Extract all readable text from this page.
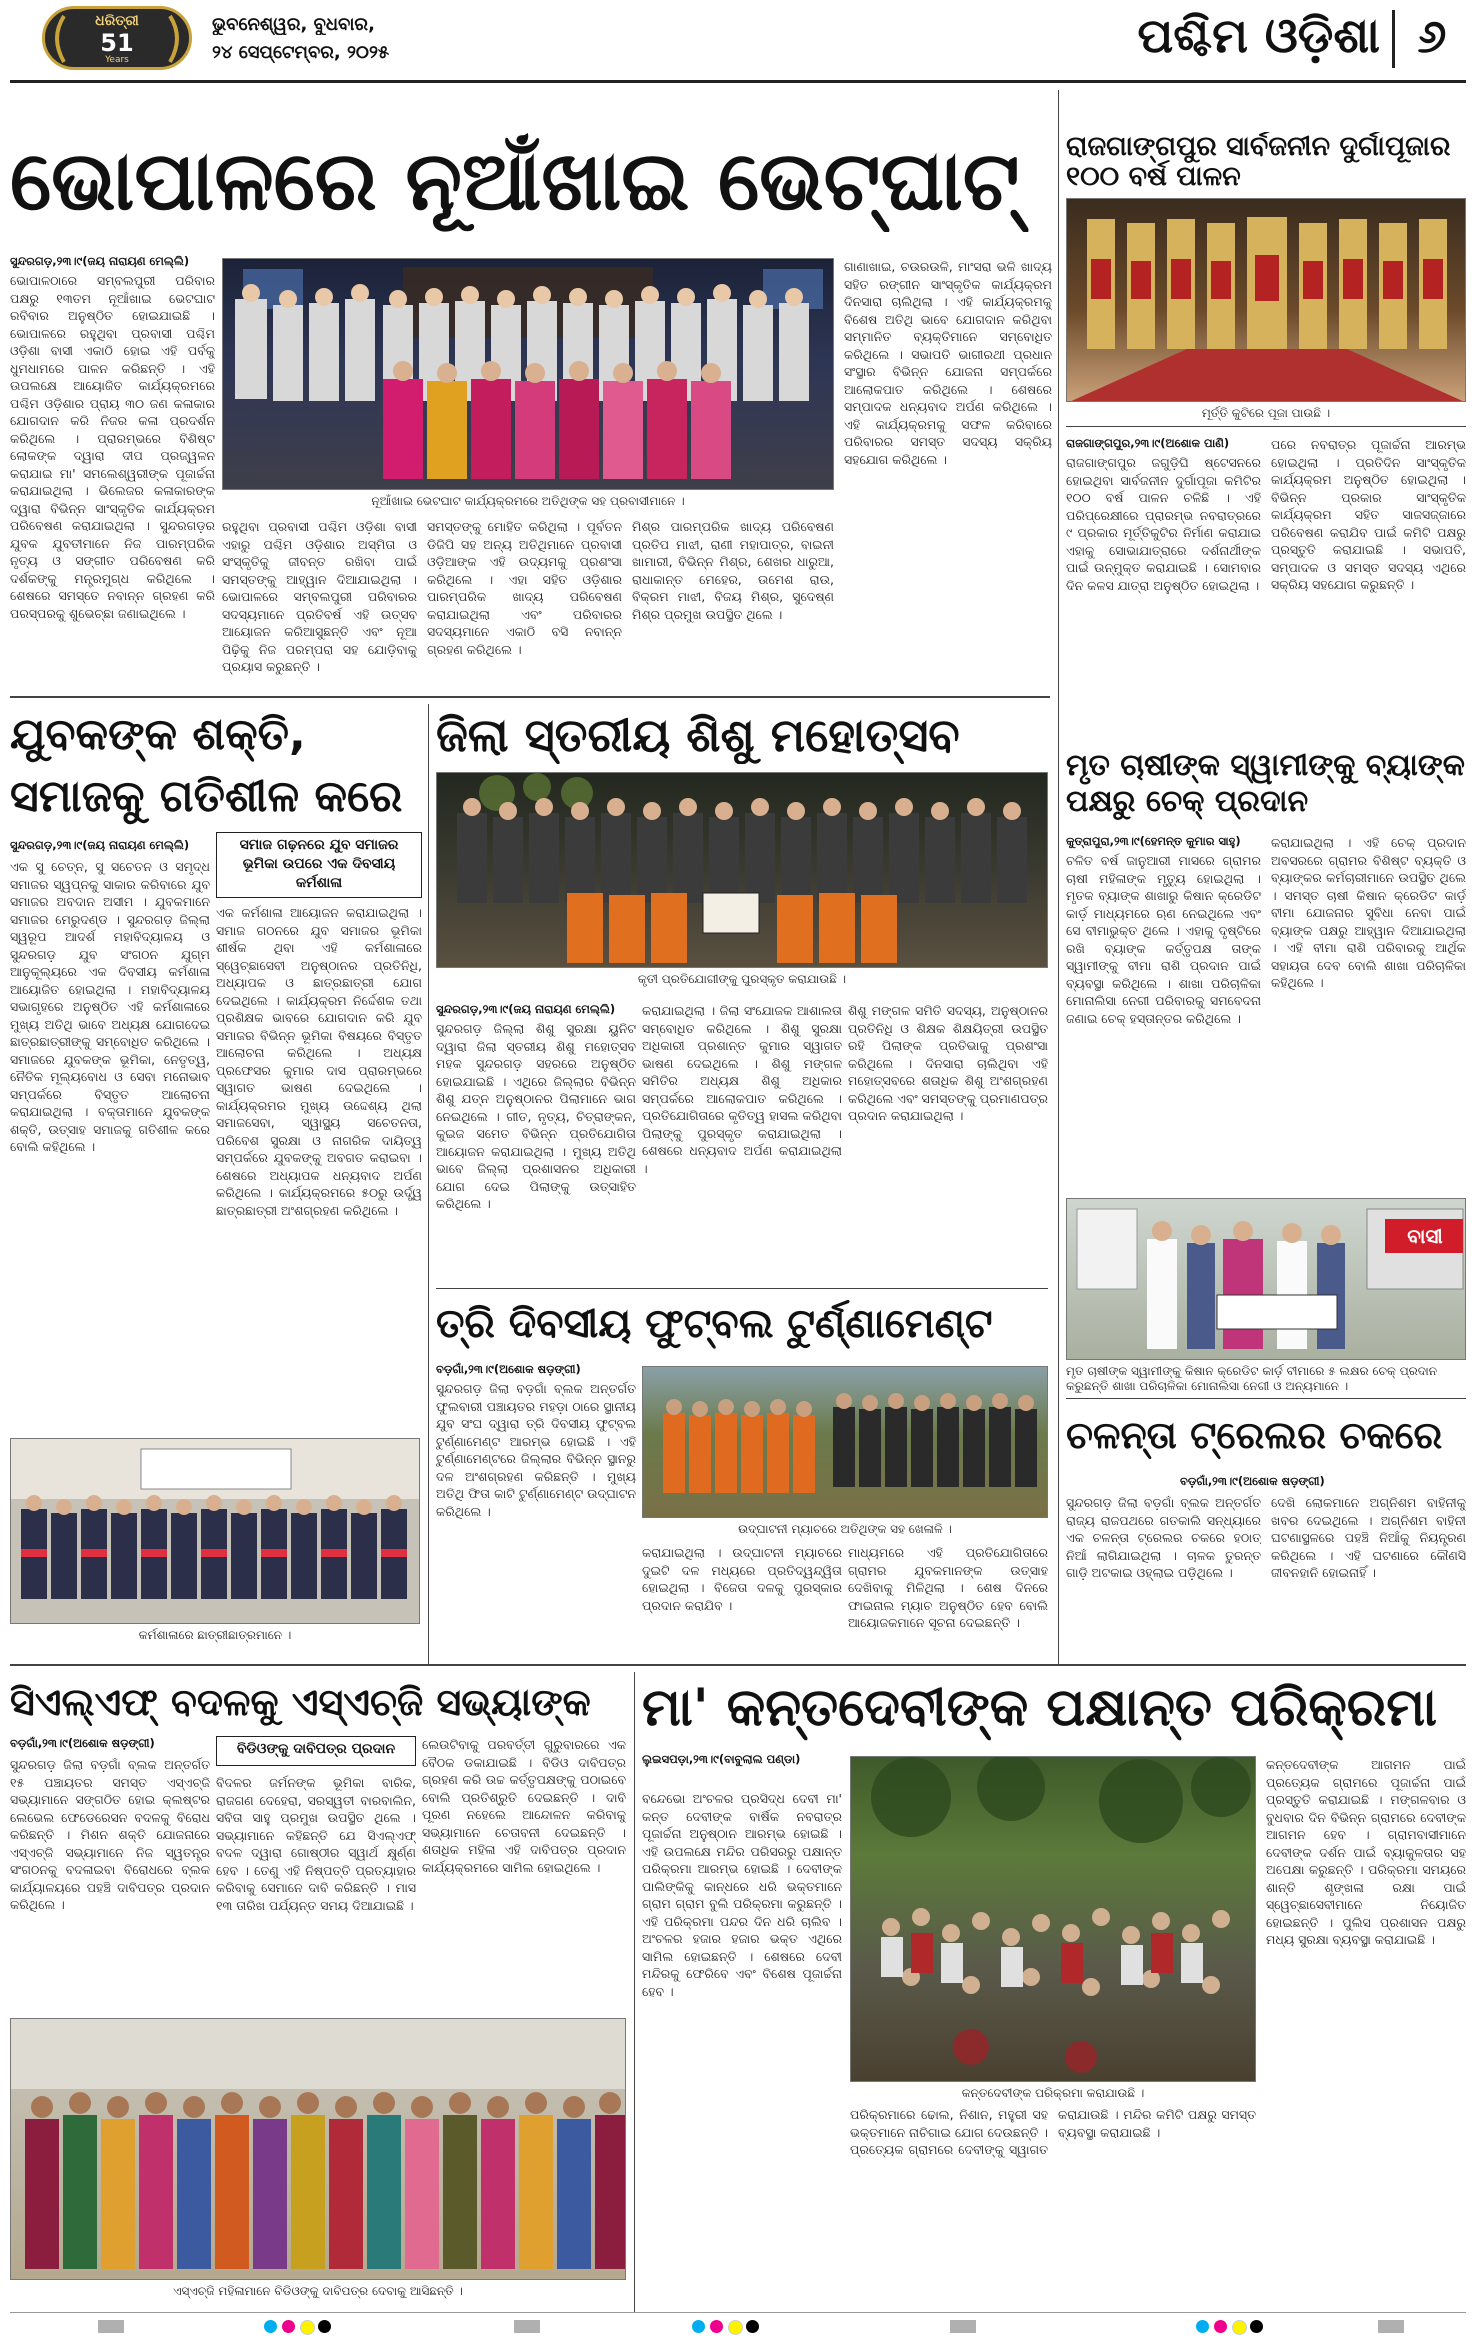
ଧରିତ୍ରୀ
51
Years
ଭୁବନେଶ୍ୱର, ବୁଧବାର,
୨୪ ସେପ୍ଟେମ୍ବର, ୨୦୨୫	ପଶ୍ଚିମ ଓଡ଼ିଶା ୬
ଭୋପାଳରେ ନୂଆଁଖାଇ ଭେଟ୍‌ଘାଟ୍
ସୁନ୍ଦରଗଡ଼,୨୩।୯(ଜୟ ନାରାୟଣ ମେଲ୍ଲି)
ଭୋପାଳଠାରେ ସମ୍ବଲପୁରୀ ପରିବାର ପକ୍ଷରୁ ୧୩ତମ ନୂଆଁଖାଇ ଭେଟଘାଟ ରବିବାର ଅନୁଷ୍ଠିତ ହୋଇଯାଇଛି । ଭୋପାଳରେ ରହୁଥିବା ପ୍ରବାସୀ ପଶ୍ଚିମ ଓଡ଼ିଶା ବାସୀ ଏକାଠି ହୋଇ ଏହି ପର୍ବକୁ ଧୁମଧାମରେ ପାଳନ କରିଛନ୍ତି । ଏହି ଉପଲକ୍ଷେ ଆୟୋଜିତ କାର୍ଯ୍ୟକ୍ରମରେ ପଶ୍ଚିମ ଓଡ଼ିଶାର ପ୍ରାୟ ୩୦ ଜଣ କଳାକାର ଯୋଗଦାନ କରି ନିଜର କଳା ପ୍ରଦର୍ଶନ କରିଥିଲେ । ପ୍ରାରମ୍ଭରେ ବିଶିଷ୍ଟ ଲୋକଙ୍କ ଦ୍ୱାରା ଦୀପ ପ୍ରଜ୍ୱଳନ କରାଯାଇ ମା' ସମଲେଶ୍ୱରୀଙ୍କ ପୂଜାର୍ଚ୍ଚନା କରାଯାଇଥିଲା । ଭିଲେଜର କଳାକାରଙ୍କ ଦ୍ୱାରା ବିଭିନ୍ନ ସାଂସ୍କୃତିକ କାର୍ଯ୍ୟକ୍ରମ ପରିବେଷଣ କରାଯାଇଥିଲା । ସୁନ୍ଦରଗଡ଼ର ଯୁବକ ଯୁବତୀମାନେ ନିଜ ପାରମ୍ପରିକ ନୃତ୍ୟ ଓ ସଙ୍ଗୀତ ପରିବେଷଣ କରି ଦର୍ଶକଙ୍କୁ ମନ୍ତ୍ରମୁଗ୍ଧ କରିଥିଲେ । ଶେଷରେ ସମସ୍ତେ ନବାନ୍ନ ଗ୍ରହଣ କରି ପରସ୍ପରକୁ ଶୁଭେଚ୍ଛା ଜଣାଇଥିଲେ ।
ନୂଆଁଖାଇ ଭେଟଘାଟ କାର୍ଯ୍ୟକ୍ରମରେ ଅତିଥିଙ୍କ ସହ ପ୍ରବାସୀମାନେ ।
ରହୁଥିବା ପ୍ରବାସୀ ପଶ୍ଚିମ ଓଡ଼ିଶା ବାସୀ ଏହାରୁ ପଶ୍ଚିମ ଓଡ଼ିଶାର ଅସ୍ମିତା ଓ ସଂସ୍କୃତିକୁ ଜୀବନ୍ତ ରଖିବା ପାଇଁ ସମସ୍ତଙ୍କୁ ଆହ୍ୱାନ ଦିଆଯାଇଥିଲା । ଭୋପାଳରେ ସମ୍ବଲପୁରୀ ପରିବାରର ସଦସ୍ୟମାନେ ପ୍ରତିବର୍ଷ ଏହି ଉତ୍ସବ ଆୟୋଜନ କରିଆସୁଛନ୍ତି ଏବଂ ନୂଆ ପିଢ଼ିକୁ ନିଜ ପରମ୍ପରା ସହ ଯୋଡ଼ିବାକୁ ପ୍ରୟାସ କରୁଛନ୍ତି ।
ସମସ୍ତଙ୍କୁ ମୋହିତ କରିଥିଲା । ପୂର୍ବତନ ଡିଜିପି ସହ ଅନ୍ୟ ଅତିଥିମାନେ ପ୍ରବାସୀ ଓଡ଼ିଆଙ୍କ ଏହି ଉଦ୍ୟମକୁ ପ୍ରଶଂସା କରିଥିଲେ । ଏହା ସହିତ ଓଡ଼ିଶାର ପାରମ୍ପରିକ ଖାଦ୍ୟ ପରିବେଷଣ କରାଯାଇଥିଲା ଏବଂ ପରିବାରର ସଦସ୍ୟମାନେ ଏକାଠି ବସି ନବାନ୍ନ ଗ୍ରହଣ କରିଥିଲେ ।
ମିଶ୍ର ପାରମ୍ପରିକ ଖାଦ୍ୟ ପରିବେଷଣ ପ୍ରତିପ ମାଝୀ, ରାଣୀ ମହାପାତ୍ର, ବାଇନୀ ଖାମାରୀ, ବିଭିନ୍ନ ମିଶ୍ର, ଶେଖର ଧାରୁଆ, ରାଧାକାନ୍ତ ମେହେର, ଉମେଶ ରାଉ, ବିକ୍ରମ ମାଝୀ, ବିଜୟ ମିଶ୍ର, ସୁଦେଷ୍ଣ ମିଶ୍ର ପ୍ରମୁଖ ଉପସ୍ଥିତ ଥିଲେ ।
ଗାଣାଖାଇ, ଚଉରଉଳି, ମାଂସରା ଭଳି ଖାଦ୍ୟ ସହିତ ରଙ୍ଗୀନ ସାଂସ୍କୃତିକ କାର୍ଯ୍ୟକ୍ରମ ଦିନସାରା ଚାଲିଥିଲା । ଏହି କାର୍ଯ୍ୟକ୍ରମକୁ ବିଶେଷ ଅତିଥି ଭାବେ ଯୋଗଦାନ କରିଥିବା ସମ୍ମାନିତ ବ୍ୟକ୍ତିମାନେ ସମ୍ବୋଧିତ କରିଥିଲେ । ସଭାପତି ଭାଗୀରଥୀ ପ୍ରଧାନ ସଂସ୍ଥାର ବିଭିନ୍ନ ଯୋଜନା ସମ୍ପର୍କରେ ଆଲୋକପାତ କରିଥିଲେ । ଶେଷରେ ସମ୍ପାଦକ ଧନ୍ୟବାଦ ଅର୍ପଣ କରିଥିଲେ । ଏହି କାର୍ଯ୍ୟକ୍ରମକୁ ସଫଳ କରିବାରେ ପରିବାରର ସମସ୍ତ ସଦସ୍ୟ ସକ୍ରିୟ ସହଯୋଗ କରିଥିଲେ ।
ରାଜଗାଙ୍ଗପୁର ସାର୍ବଜନୀନ ଦୁର୍ଗାପୂଜାର ୧୦୦ ବର୍ଷ ପାଳନ
ମୂର୍ତ୍ତି କୁଟିରେ ପୂଜା ପାଉଛି ।
ରାଜଗାଙ୍ଗପୁର,୨୩।୯(ଅଶୋକ ପାଣି)
ରାଜଗାଙ୍ଗପୁର ଜଗୁଡ଼ିଘି ଷ୍ଟେସନରେ ହୋଇଥିବା ସାର୍ବଜନୀନ ଦୁର୍ଗାପୂଜା କମିଟିର ୧୦୦ ବର୍ଷ ପାଳନ ଚଳିଛି । ଏହି ପରିପ୍ରେକ୍ଷୀରେ ପ୍ରାରମ୍ଭ ନବରାତ୍ରରେ ୯ ପ୍ରକାର ମୂର୍ତ୍ତିକୁଟିର ନିର୍ମାଣ କରାଯାଇ ଏହାକୁ ସୋଭାଯାତ୍ରାରେ ଦର୍ଶନାର୍ଥୀଙ୍କ ପାଇଁ ଉନ୍ମୁକ୍ତ କରାଯାଇଛି । ସୋମବାର ଦିନ କଳସ ଯାତ୍ରା ଅନୁଷ୍ଠିତ ହୋଇଥିଲା ।
ପରେ ନବରାତ୍ର ପୂଜାର୍ଚ୍ଚନା ଆରମ୍ଭ ହୋଇଥିଲା । ପ୍ରତିଦିନ ସାଂସ୍କୃତିକ କାର୍ଯ୍ୟକ୍ରମ ଅନୁଷ୍ଠିତ ହୋଇଥିଲା । ବିଭିନ୍ନ ପ୍ରକାର ସାଂସ୍କୃତିକ କାର୍ଯ୍ୟକ୍ରମ ସହିତ ସାଜସଜ୍ଜାରେ ପରିବେଷଣ କରାଯିବ ପାଇଁ କମିଟି ପକ୍ଷରୁ ପ୍ରସ୍ତୁତି କରାଯାଇଛି । ସଭାପତି, ସମ୍ପାଦକ ଓ ସମସ୍ତ ସଦସ୍ୟ ଏଥିରେ ସକ୍ରିୟ ସହଯୋଗ କରୁଛନ୍ତି ।
ଯୁବକଙ୍କ ଶକ୍ତି,
ସମାଜକୁ ଗତିଶୀଳ କରେ
ସୁନ୍ଦରଗଡ଼,୨୩।୯(ଜୟ ନାରାୟଣ ମେଲ୍ଲି)	ସମାଜ ଗଢ଼ନରେ ଯୁବ ସମାଜର ଭୂମିକା ଉପରେ ଏକ ଦିବସୀୟ କର୍ମଶାଳା
ଏକ ସୁ ଚେତ୍ନ, ସୁ ସଚେତନ ଓ ସମୃଦ୍ଧ ସମାଜର ସ୍ୱପ୍ନକୁ ସାକାର କରିବାରେ ଯୁବ ସମାଜର ଅବଦାନ ଅସୀମ । ଯୁବକମାନେ ସମାଜର ମେରୁଦଣ୍ଡ । ସୁନ୍ଦରଗଡ଼ ଜିଲ୍ଲା ସ୍ୱରୂପ ଆଦର୍ଶ ମହାବିଦ୍ୟାଳୟ ଓ ସୁନ୍ଦରଗଡ଼ ଯୁବ ସଂଗଠନ ଯୁଗ୍ମ ଆନୁକୂଲ୍ୟରେ ଏକ ଦିବସୀୟ କର୍ମଶାଳା ଆୟୋଜିତ ହୋଇଥିଲା । ମହାବିଦ୍ୟାଳୟ ସଭାଗୃହରେ ଅନୁଷ୍ଠିତ ଏହି କର୍ମଶାଳାରେ ମୁଖ୍ୟ ଅତିଥି ଭାବେ ଅଧ୍ୟକ୍ଷ ଯୋଗଦେଇ ଛାତ୍ରଛାତ୍ରୀଙ୍କୁ ସମ୍ବୋଧିତ କରିଥିଲେ । ସମାଜରେ ଯୁବକଙ୍କ ଭୂମିକା, ନେତୃତ୍ୱ, ନୈତିକ ମୂଲ୍ୟବୋଧ ଓ ସେବା ମନୋଭାବ ସମ୍ପର୍କରେ ବିସ୍ତୃତ ଆଲୋଚନା କରାଯାଇଥିଲା । ବକ୍ତାମାନେ ଯୁବକଙ୍କ ଶକ୍ତି, ଉତ୍ସାହ ସମାଜକୁ ଗତିଶୀଳ କରେ ବୋଲି କହିଥିଲେ ।
ଏକ କର୍ମଶାଳା ଆୟୋଜନ କରାଯାଇଥିଲା । ସମାଜ ଗଠନରେ ଯୁବ ସମାଜର ଭୂମିକା ଶୀର୍ଷକ ଥିବା ଏହି କର୍ମଶାଳାରେ ସ୍ୱେଚ୍ଛାସେବୀ ଅନୁଷ୍ଠାନର ପ୍ରତିନିଧି, ଅଧ୍ୟାପକ ଓ ଛାତ୍ରଛାତ୍ରୀ ଯୋଗ ଦେଇଥିଲେ । କାର୍ଯ୍ୟକ୍ରମ ନିର୍ଦ୍ଦେଶକ ତଥା ପ୍ରଶିକ୍ଷକ ଭାବରେ ଯୋଗଦାନ କରି ଯୁବ ସମାଜର ବିଭିନ୍ନ ଭୂମିକା ବିଷୟରେ ବିସ୍ତୃତ ଆଲୋଚନା କରିଥିଲେ । ଅଧ୍ୟକ୍ଷ ପ୍ରଫେସର କୁମାର ଦାସ ପ୍ରାରମ୍ଭରେ ସ୍ୱାଗତ ଭାଷଣ ଦେଇଥିଲେ । କାର୍ଯ୍ୟକ୍ରମର ମୁଖ୍ୟ ଉଦ୍ଦେଶ୍ୟ ଥିଲା ସମାଜସେବା, ସ୍ୱାସ୍ଥ୍ୟ ସଚେତନତା, ପରିବେଶ ସୁରକ୍ଷା ଓ ନାଗରିକ ଦାୟିତ୍ୱ ସମ୍ପର୍କରେ ଯୁବକଙ୍କୁ ଅବଗତ କରାଇବା । ଶେଷରେ ଅଧ୍ୟାପକ ଧନ୍ୟବାଦ ଅର୍ପଣ କରିଥିଲେ । କାର୍ଯ୍ୟକ୍ରମରେ ୫୦ରୁ ଉର୍ଦ୍ଧ୍ୱ ଛାତ୍ରଛାତ୍ରୀ ଅଂଶଗ୍ରହଣ କରିଥିଲେ ।
କର୍ମଶାଳାରେ ଛାତ୍ରୀଛାତ୍ରମାନେ ।
ଜିଲା ସ୍ତରୀୟ ଶିଶୁ ମହୋତ୍ସବ
କୃତୀ ପ୍ରତିଯୋଗୀଙ୍କୁ ପୁରସ୍କୃତ କରାଯାଉଛି ।
ସୁନ୍ଦରଗଡ଼,୨୩।୯(ଜୟ ନାରାୟଣ ମେଲ୍ଲି)
ସୁନ୍ଦରଗଡ଼ ଜିଲ୍ଲା ଶିଶୁ ସୁରକ୍ଷା ୟୁନିଟ ଦ୍ୱାରା ଜିଲା ସ୍ତରୀୟ ଶିଶୁ ମହୋତ୍ସବ ମହକ ସୁନ୍ଦରଗଡ଼ ସହରରେ ଅନୁଷ୍ଠିତ ହୋଇଯାଇଛି । ଏଥିରେ ଜିଲ୍ଲାର ବିଭିନ୍ନ ଶିଶୁ ଯତ୍ନ ଅନୁଷ୍ଠାନର ପିଲାମାନେ ଭାଗ ନେଇଥିଲେ । ଗୀତ, ନୃତ୍ୟ, ଚିତ୍ରାଙ୍କନ, କୁଇଜ ସମେତ ବିଭିନ୍ନ ପ୍ରତିଯୋଗିତା ଆୟୋଜନ କରାଯାଇଥିଲା । ମୁଖ୍ୟ ଅତିଥି ଭାବେ ଜିଲ୍ଲା ପ୍ରଶାସନର ଅଧିକାରୀ ଯୋଗ ଦେଇ ପିଲାଙ୍କୁ ଉତ୍ସାହିତ କରିଥିଲେ ।
କରାଯାଇଥିଲା । ଜିଲା ସଂଯୋଜକ ଆଶାଲତା ସମ୍ବୋଧିତ କରିଥିଲେ । ଶିଶୁ ସୁରକ୍ଷା ଅଧିକାରୀ ପ୍ରଶାନ୍ତ କୁମାର ସ୍ୱାଗତ ଭାଷଣ ଦେଇଥିଲେ । ଶିଶୁ ମଙ୍ଗଳ ସମିତିର ଅଧ୍ୟକ୍ଷ ଶିଶୁ ଅଧିକାର ସମ୍ପର୍କରେ ଆଲୋକପାତ କରିଥିଲେ । ପ୍ରତିଯୋଗିତାରେ କୃତିତ୍ୱ ହାସଲ କରିଥିବା ପିଲାଙ୍କୁ ପୁରସ୍କୃତ କରାଯାଇଥିଲା । ଶେଷରେ ଧନ୍ୟବାଦ ଅର୍ପଣ କରାଯାଇଥିଲା ।
ଶିଶୁ ମଙ୍ଗଳ ସମିତି ସଦସ୍ୟ, ଅନୁଷ୍ଠାନର ପ୍ରତିନିଧି ଓ ଶିକ୍ଷକ ଶିକ୍ଷୟିତ୍ରୀ ଉପସ୍ଥିତ ରହି ପିଲାଙ୍କ ପ୍ରତିଭାକୁ ପ୍ରଶଂସା କରିଥିଲେ । ଦିନସାରା ଚାଲିଥିବା ଏହି ମହୋତ୍ସବରେ ଶତାଧିକ ଶିଶୁ ଅଂଶଗ୍ରହଣ କରିଥିଲେ ଏବଂ ସମସ୍ତଙ୍କୁ ପ୍ରମାଣପତ୍ର ପ୍ରଦାନ କରାଯାଇଥିଲା ।
ମୃତ ଚାଷୀଙ୍କ ସ୍ୱାମୀଙ୍କୁ ବ୍ୟାଙ୍କ ପକ୍ଷରୁ ଚେକ୍ ପ୍ରଦାନ
କୁତ୍ରାପୁରା,୨୩।୯(ହେମନ୍ତ କୁମାର ସାହୁ)
ଚଳିତ ବର୍ଷ ଜାନୁଆରୀ ମାସରେ ଗ୍ରାମର ଚାଷୀ ମହିଳାଙ୍କ ମୃତ୍ୟୁ ହୋଇଥିଲା । ମୃତକ ବ୍ୟାଙ୍କ ଶାଖାରୁ କିଷାନ କ୍ରେଡିଟ କାର୍ଡ଼ ମାଧ୍ୟମରେ ଋଣ ନେଇଥିଲେ ଏବଂ ସେ ବୀମାଭୁକ୍ତ ଥିଲେ । ଏହାକୁ ଦୃଷ୍ଟିରେ ରଖି ବ୍ୟାଙ୍କ କର୍ତ୍ତୃପକ୍ଷ ତାଙ୍କ ସ୍ୱାମୀଙ୍କୁ ବୀମା ରାଶି ପ୍ରଦାନ ପାଇଁ ବ୍ୟବସ୍ଥା କରିଥିଲେ । ଶାଖା ପରିଚାଳିକା ମୋନାଲିସା ନେଗୀ ପରିବାରକୁ ସମବେଦନା ଜଣାଇ ଚେକ୍ ହସ୍ତାନ୍ତର କରିଥିଲେ ।
କରାଯାଇଥିଲା । ଏହି ଚେକ୍ ପ୍ରଦାନ ଅବସରରେ ଗ୍ରାମର ବିଶିଷ୍ଟ ବ୍ୟକ୍ତି ଓ ବ୍ୟାଙ୍କର କର୍ମଚାରୀମାନେ ଉପସ୍ଥିତ ଥିଲେ । ସମସ୍ତ ଚାଷୀ କିଷାନ କ୍ରେଡିଟ କାର୍ଡ଼ ବୀମା ଯୋଜନାର ସୁବିଧା ନେବା ପାଇଁ ବ୍ୟାଙ୍କ ପକ୍ଷରୁ ଆହ୍ୱାନ ଦିଆଯାଇଥିଲା । ଏହି ବୀମା ରାଶି ପରିବାରକୁ ଆର୍ଥିକ ସହାୟତା ଦେବ ବୋଲି ଶାଖା ପରିଚାଳିକା କହିଥିଲେ ।
ବାସୀ
ମୃତ ଚାଷୀଙ୍କ ସ୍ୱାମୀଙ୍କୁ କିଷାନ କ୍ରେଡିଟ କାର୍ଡ଼ ବୀମାରେ ୫ ଲକ୍ଷର ଚେକ୍ ପ୍ରଦାନ କରୁଛନ୍ତି ଶାଖା ପରିଚାଳିକା ମୋନାଲିସା ନେଗୀ ଓ ଅନ୍ୟମାନେ ।
ତ୍ରି ଦିବସୀୟ ଫୁଟ୍‌ବଲ ଟୁର୍ଣ୍ଣାମେଣ୍ଟ
ବଡ଼ଗାଁ,୨୩।୯(ଅଶୋକ ଷଡ଼ଙ୍ଗୀ)
ସୁନ୍ଦରଗଡ଼ ଜିଲା ବଡ଼ଗାଁ ବ୍ଲକ ଅନ୍ତର୍ଗତ ଫୁଲବାରୀ ପଞ୍ଚାୟତର ମହଡ଼ା ଠାରେ ସ୍ଥାନୀୟ ଯୁବ ସଂଘ ଦ୍ୱାରା ତ୍ରି ଦିବସୀୟ ଫୁଟ୍‌ବଲ ଟୁର୍ଣ୍ଣାମେଣ୍ଟ ଆରମ୍ଭ ହୋଇଛି । ଏହି ଟୁର୍ଣ୍ଣାମେଣ୍ଟରେ ଜିଲ୍ଲାର ବିଭିନ୍ନ ସ୍ଥାନରୁ ଦଳ ଅଂଶଗ୍ରହଣ କରିଛନ୍ତି । ମୁଖ୍ୟ ଅତିଥି ଫିତା କାଟି ଟୁର୍ଣ୍ଣାମେଣ୍ଟ ଉଦ୍‌ଘାଟନ କରିଥିଲେ ।
ଉଦ୍‌ଘାଟନୀ ମ୍ୟାଚରେ ଅତିଥିଙ୍କ ସହ ଖେଳାଳି ।
କରାଯାଇଥିଲା । ଉଦ୍‌ଘାଟନୀ ମ୍ୟାଚରେ ଦୁଇଟି ଦଳ ମଧ୍ୟରେ ପ୍ରତିଦ୍ୱନ୍ଦ୍ୱିତା ହୋଇଥିଲା । ବିଜେତା ଦଳକୁ ପୁରସ୍କାର ପ୍ରଦାନ କରାଯିବ ।
ମାଧ୍ୟମରେ ଏହି ପ୍ରତିଯୋଗିତାରେ ଗ୍ରାମର ଯୁବକମାନଙ୍କ ଉତ୍ସାହ ଦେଖିବାକୁ ମିଳିଥିଲା । ଶେଷ ଦିନରେ ଫାଇନାଲ ମ୍ୟାଚ ଅନୁଷ୍ଠିତ ହେବ ବୋଲି ଆୟୋଜକମାନେ ସୂଚନା ଦେଇଛନ୍ତି ।
ଚଳନ୍ତା ଟ୍ରେଲର ଚକରେ
ବଡ଼ଗାଁ,୨୩।୯(ଅଶୋକ ଷଡ଼ଙ୍ଗୀ)
ସୁନ୍ଦରଗଡ଼ ଜିଲା ବଡ଼ଗାଁ ବ୍ଲକ ଅନ୍ତର୍ଗତ ରାଜ୍ୟ ରାଜପଥରେ ଗତକାଲି ସନ୍ଧ୍ୟାରେ ଏକ ଚଳନ୍ତା ଟ୍ରେଲର ଚକରେ ହଠାତ୍ ନିଆଁ ଲାଗିଯାଇଥିଲା । ଚାଳକ ତୁରନ୍ତ ଗାଡ଼ି ଅଟକାଇ ଓହ୍ଲାଇ ପଡ଼ିଥିଲେ ।
ଦେଖି ଲୋକମାନେ ଅଗ୍ନିଶମ ବାହିନୀକୁ ଖବର ଦେଇଥିଲେ । ଅଗ୍ନିଶମ ବାହିନୀ ଘଟଣାସ୍ଥଳରେ ପହଞ୍ଚି ନିଆଁକୁ ନିୟନ୍ତ୍ରଣ କରିଥିଲେ । ଏହି ଘଟଣାରେ କୌଣସି ଜୀବନହାନି ହୋଇନାହିଁ ।
ସିଏଲ୍‌ଏଫ୍ ବଦଳକୁ ଏସ୍ଏଚ୍‌ଜି ସଭ୍ୟାଙ୍କ
ବଡ଼ଗାଁ,୨୩।୯(ଅଶୋକ ଷଡ଼ଙ୍ଗୀ)	ବିଡିଓଙ୍କୁ ଦାବିପତ୍ର ପ୍ରଦାନ
ସୁନ୍ଦରଗଡ଼ ଜିଲା ବଡ଼ଗାଁ ବ୍ଲକ ଅନ୍ତର୍ଗତ ୧୫ ପଞ୍ଚାୟତର ସମସ୍ତ ଏସ୍ଏଚ୍‌ଜି ସଭ୍ୟାମାନେ ସଙ୍ଗଠିତ ହୋଇ କ୍ଲଷ୍ଟର ଲେଭେଲ ଫେଡେରେସନ ବଦଳକୁ ବିରୋଧ କରିଛନ୍ତି । ମିଶନ ଶକ୍ତି ଯୋଜନାରେ ଏସ୍ଏଚ୍‌ଜି ସଭ୍ୟାମାନେ ନିଜ ସ୍ୱତନ୍ତ୍ର ସଂଗଠନକୁ ବଦଳାଇବା ବିରୋଧରେ ବ୍ଲକ କାର୍ଯ୍ୟାଳୟରେ ପହଞ୍ଚି ଦାବିପତ୍ର ପ୍ରଦାନ କରିଥିଲେ ।
ବିଦଳର ଜର୍ମନଙ୍କ ଭୂମିକା ବାରିକ, ରାଜଗଣ ଦେହେରା, ସରସ୍ୱତୀ ବାରବାଲିନ, ସବିତା ସାହୁ ପ୍ରମୁଖ ଉପସ୍ଥିତ ଥିଲେ । ସଭ୍ୟାମାନେ କହିଛନ୍ତି ଯେ ସିଏଲ୍‌ଏଫ୍ ବଦଳ ଦ୍ୱାରା ଗୋଷ୍ଠୀର ସ୍ୱାର୍ଥ କ୍ଷୁର୍ଣ୍ଣ ହେବ । ତେଣୁ ଏହି ନିଷ୍ପତ୍ତି ପ୍ରତ୍ୟାହାର କରିବାକୁ ସେମାନେ ଦାବି କରିଛନ୍ତି । ମାସ ୧୩ ତାରିଖ ପର୍ଯ୍ୟନ୍ତ ସମୟ ଦିଆଯାଇଛି ।
ଲେଉଟିବାକୁ ପରବର୍ତ୍ତୀ ଗୁରୁବାରରେ ଏକ ବୈଠକ ଡକାଯାଇଛି । ବିଡିଓ ଦାବିପତ୍ର ଗ୍ରହଣ କରି ଉଚ୍ଚ କର୍ତ୍ତୃପକ୍ଷଙ୍କୁ ପଠାଇବେ ବୋଲି ପ୍ରତିଶ୍ରୁତି ଦେଇଛନ୍ତି । ଦାବି ପୂରଣ ନହେଲେ ଆନ୍ଦୋଳନ କରିବାକୁ ସଭ୍ୟାମାନେ ଚେତାବନୀ ଦେଇଛନ୍ତି । ଶତାଧିକ ମହିଳା ଏହି ଦାବିପତ୍ର ପ୍ରଦାନ କାର୍ଯ୍ୟକ୍ରମରେ ସାମିଲ ହୋଇଥିଲେ ।
ଏସ୍ଏଚ୍‌ଜି ମହିଳାମାନେ ବିଡିଓଙ୍କୁ ଦାବିପତ୍ର ଦେବାକୁ ଆସିଛନ୍ତି ।
ମା' କନ୍ତଦେବୀଙ୍କ ପକ୍ଷାନ୍ତ ପରିକ୍ରମା
ଲୁଇସପଡ଼ା,୨୩।୯(ବାବୁଲାଲ ପଣ୍ଡା)
ବନ୍ଦେଭୋ ଅଂଚଳର ପ୍ରସିଦ୍ଧ ଦେବୀ ମା' କନ୍ତ ଦେବୀଙ୍କ ବାର୍ଷିକ ନବରାତ୍ର ପୂଜାର୍ଚ୍ଚନା ଅନୁଷ୍ଠାନ ଆରମ୍ଭ ହୋଇଛି । ଏହି ଉପଲକ୍ଷେ ମନ୍ଦିର ପରିସରରୁ ପକ୍ଷାନ୍ତ ପରିକ୍ରମା ଆରମ୍ଭ ହୋଇଛି । ଦେବୀଙ୍କ ପାଲିଙ୍କିକୁ କାନ୍ଧରେ ଧରି ଭକ୍ତମାନେ ଗ୍ରାମ ଗ୍ରାମ ବୁଲି ପରିକ୍ରମା କରୁଛନ୍ତି । ଏହି ପରିକ୍ରମା ପନ୍ଦର ଦିନ ଧରି ଚାଲିବ । ଅଂଚଳର ହଜାର ହଜାର ଭକ୍ତ ଏଥିରେ ସାମିଲ ହୋଇଛନ୍ତି । ଶେଷରେ ଦେବୀ ମନ୍ଦିରକୁ ଫେରିବେ ଏବଂ ବିଶେଷ ପୂଜାର୍ଚ୍ଚନା ହେବ ।
କନ୍ତଦେବୀଙ୍କ ପରିକ୍ରମା କରାଯାଉଛି ।
ପରିକ୍ରମାରେ ଢୋଲ, ନିଶାନ, ମହୁରୀ ସହ ଭକ୍ତମାନେ ନାଚିଗାଇ ଯୋଗ ଦେଉଛନ୍ତି । ପ୍ରତ୍ୟେକ ଗ୍ରାମରେ ଦେବୀଙ୍କୁ ସ୍ୱାଗତ କରାଯାଉଛି । ମନ୍ଦିର କମିଟି ପକ୍ଷରୁ ସମସ୍ତ ବ୍ୟବସ୍ଥା କରାଯାଇଛି ।
କନ୍ତଦେବୀଙ୍କ ଆଗମନ ପାଇଁ ପ୍ରତ୍ୟେକ ଗ୍ରାମରେ ପୂଜାର୍ଚ୍ଚନା ପାଇଁ ପ୍ରସ୍ତୁତି କରାଯାଇଛି । ମଙ୍ଗଳବାର ଓ ବୁଧବାର ଦିନ ବିଭିନ୍ନ ଗ୍ରାମରେ ଦେବୀଙ୍କ ଆଗମନ ହେବ । ଗ୍ରାମବାସୀମାନେ ଦେବୀଙ୍କ ଦର୍ଶନ ପାଇଁ ବ୍ୟାକୁଳତାର ସହ ଅପେକ୍ଷା କରୁଛନ୍ତି । ପରିକ୍ରମା ସମୟରେ ଶାନ୍ତି ଶୃଙ୍ଖଳା ରକ୍ଷା ପାଇଁ ସ୍ୱେଚ୍ଛାସେବୀମାନେ ନିୟୋଜିତ ହୋଇଛନ୍ତି । ପୁଲିସ ପ୍ରଶାସନ ପକ୍ଷରୁ ମଧ୍ୟ ସୁରକ୍ଷା ବ୍ୟବସ୍ଥା କରାଯାଇଛି ।
